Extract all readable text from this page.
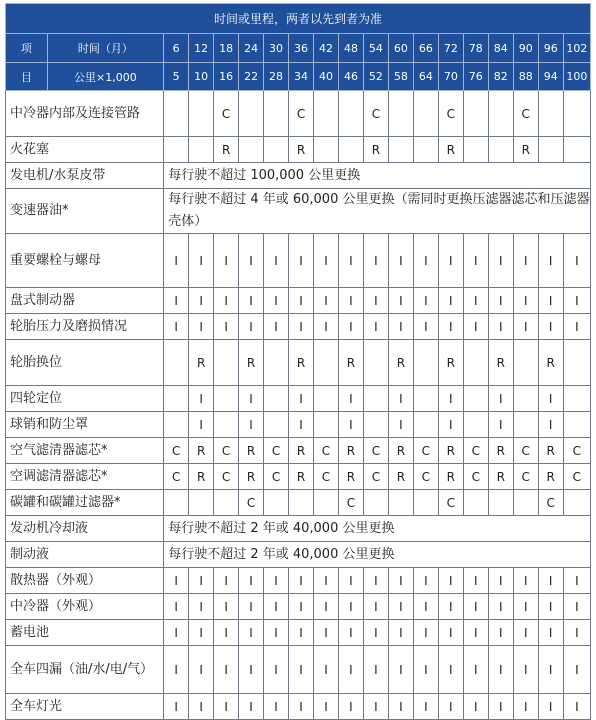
时间或里程，两者以先到者为准																		
项	时间（月）	6	12	18	24	30	36	42	48	54	60	66	72	78	84	90	96	102
目	公里×1,000	5	10	16	22	28	34	40	46	52	58	64	70	76	82	88	94	100
中冷器内部及连接管路				C			C			C			C			C		
火花塞				R			R			R			R			R		
发电机/水泵皮带		每行驶不超过 100,000 公里更换																
变速器油*		每行驶不超过 4 年或 60,000 公里更换（需同时更换压滤器滤芯和压滤器壳体）																
重要螺栓与螺母		I	I	I	I	I	I	I	I	I	I	I	I	I	I	I	I	I
盘式制动器		I	I	I	I	I	I	I	I	I	I	I	I	I	I	I	I	I
轮胎压力及磨损情况		I	I	I	I	I	I	I	I	I	I	I	I	I	I	I	I	I
轮胎换位			R		R		R		R		R		R		R		R	
四轮定位			I		I		I		I		I		I		I		I	
球销和防尘罩			I		I		I		I		I		I		I		I	
空气滤清器滤芯*		C	R	C	R	C	R	C	R	C	R	C	R	C	R	C	R	C
空调滤清器滤芯*		C	R	C	R	C	R	C	R	C	R	C	R	C	R	C	R	C
碳罐和碳罐过滤器*					C				C				C				C	
发动机冷却液		每行驶不超过 2 年或 40,000 公里更换																
制动液		每行驶不超过 2 年或 40,000 公里更换																
散热器（外观）		I	I	I	I	I	I	I	I	I	I	I	I	I	I	I	I	I
中冷器（外观）		I	I	I	I	I	I	I	I	I	I	I	I	I	I	I	I	I
蓄电池		I	I	I	I	I	I	I	I	I	I	I	I	I	I	I	I	I
全车四漏（油/水/电/气）		I	I	I	I	I	I	I	I	I	I	I	I	I	I	I	I	I
全车灯光		I	I	I	I	I	I	I	I	I	I	I	I	I	I	I	I	I
